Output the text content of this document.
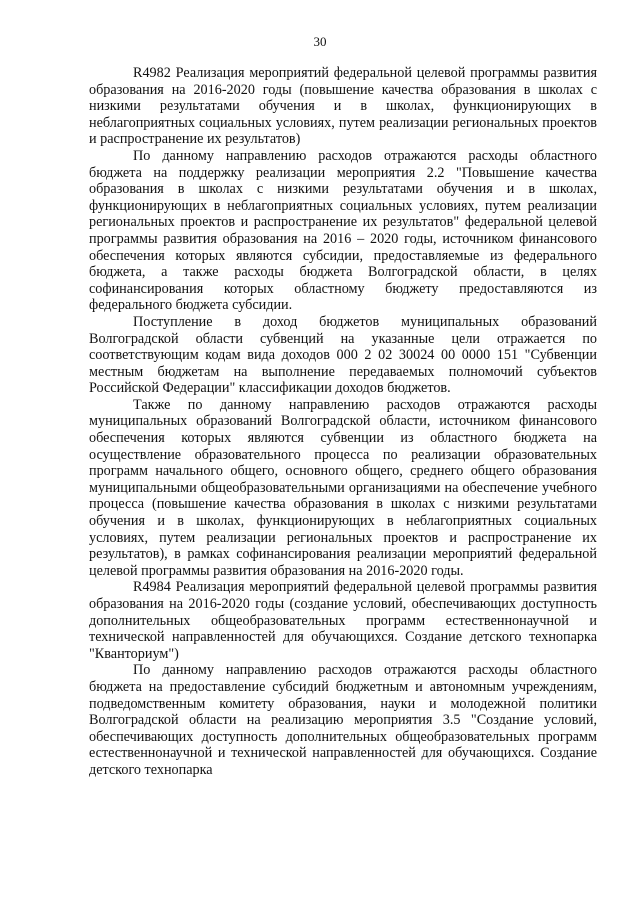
30

R4982 Реализация мероприятий федеральной целевой программы развития образования на 2016-2020 годы (повышение качества образования в школах с низкими результатами обучения и в школах, функционирующих в неблагоприятных социальных условиях, путем реализации региональных проектов и распространение их результатов)

По данному направлению расходов отражаются расходы областного бюджета на поддержку реализации мероприятия 2.2 "Повышение качества образования в школах с низкими результатами обучения и в школах, функционирующих в неблагоприятных социальных условиях, путем реализации региональных проектов и распространение их результатов" федеральной целевой программы развития образования на 2016 – 2020 годы, источником финансового обеспечения которых являются субсидии, предоставляемые из федерального бюджета, а также расходы бюджета Волгоградской области, в целях софинансирования которых областному бюджету предоставляются из федерального бюджета субсидии.

Поступление в доход бюджетов муниципальных образований Волгоградской области субвенций на указанные цели отражается по соответствующим кодам вида доходов 000 2 02 30024 00 0000 151 "Субвенции местным бюджетам на выполнение передаваемых полномочий субъектов Российской Федерации" классификации доходов бюджетов.

Также по данному направлению расходов отражаются расходы муниципальных образований Волгоградской области, источником финансового обеспечения которых являются субвенции из областного бюджета на осуществление образовательного процесса по реализации образовательных программ начального общего, основного общего, среднего общего образования муниципальными общеобразовательными организациями на обеспечение учебного процесса (повышение качества образования в школах с низкими результатами обучения и в школах, функционирующих в неблагоприятных социальных условиях, путем реализации региональных проектов и распространение их результатов), в рамках софинансирования реализации мероприятий федеральной целевой программы развития образования на 2016-2020 годы.

R4984 Реализация мероприятий федеральной целевой программы развития образования на 2016-2020 годы (создание условий, обеспечивающих доступность дополнительных общеобразовательных программ естественнонаучной и технической направленностей для обучающихся. Создание детского технопарка "Кванториум")

По данному направлению расходов отражаются расходы областного бюджета на предоставление субсидий бюджетным и автономным учреждениям, подведомственным комитету образования, науки и молодежной политики Волгоградской области на реализацию мероприятия 3.5 "Создание условий, обеспечивающих доступность дополнительных общеобразовательных программ естественнонаучной и технической направленностей для обучающихся. Создание детского технопарка
